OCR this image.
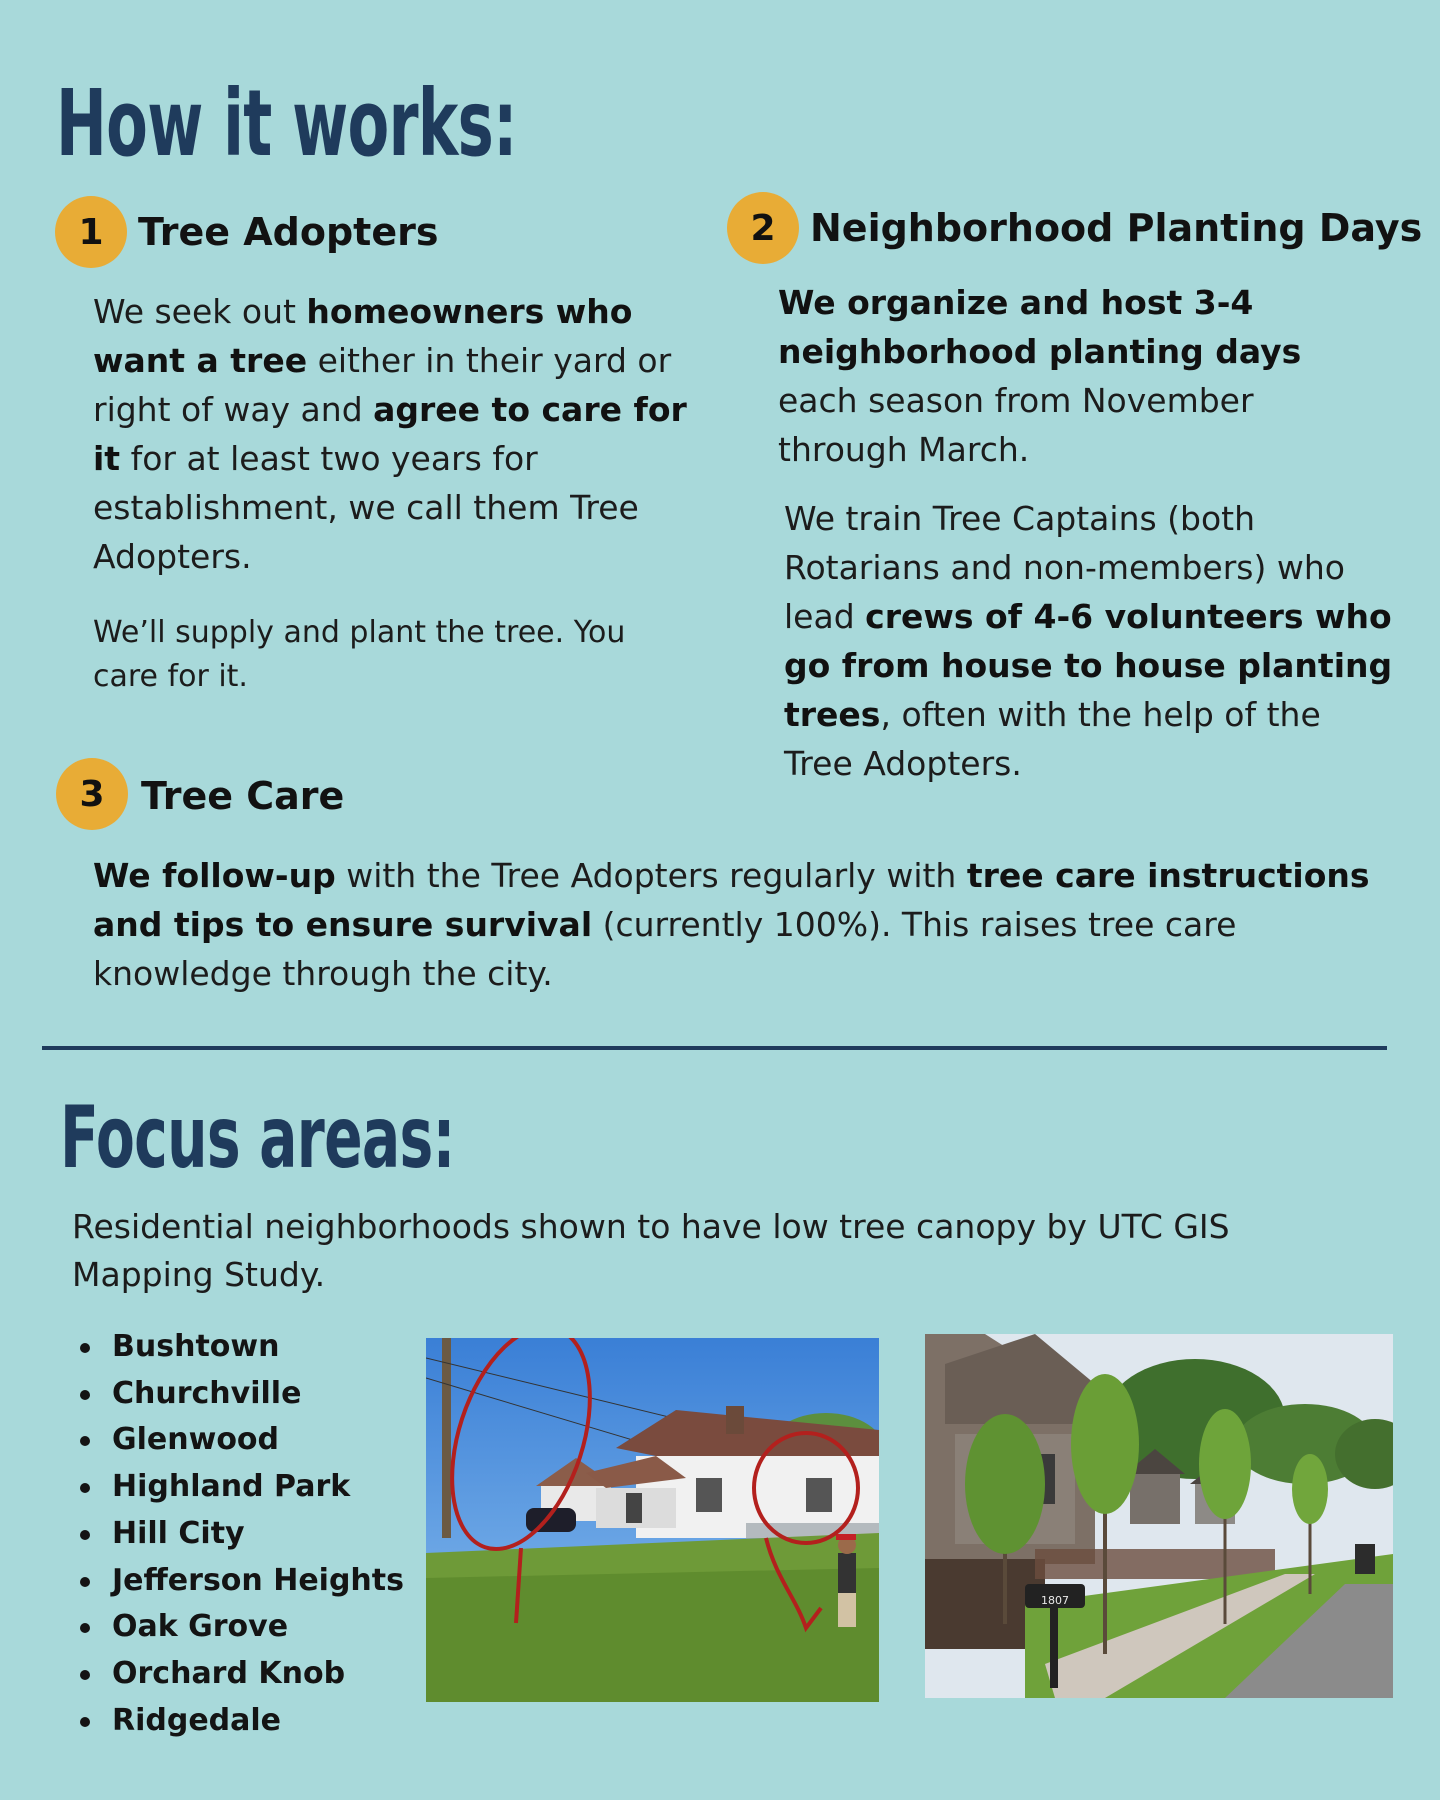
How it works:
1 Tree Adopters
We seek out homeowners who want a tree either in their yard or right of way and agree to care for it for at least two years for establishment, we call them Tree Adopters.
We’ll supply and plant the tree. You care for it.
2 Neighborhood Planting Days
We organize and host 3-4 neighborhood planting days each season from November through March.
We train Tree Captains (both Rotarians and non-members) who lead crews of 4-6 volunteers who go from house to house planting trees, often with the help of the Tree Adopters.
3 Tree Care
We follow-up with the Tree Adopters regularly with tree care instructions and tips to ensure survival (currently 100%). This raises tree care knowledge through the city.
Focus areas:
Residential neighborhoods shown to have low tree canopy by UTC GIS Mapping Study.
Bushtown
Churchville
Glenwood
Highland Park
Hill City
Jefferson Heights
Oak Grove
Orchard Knob
Ridgedale
1807
